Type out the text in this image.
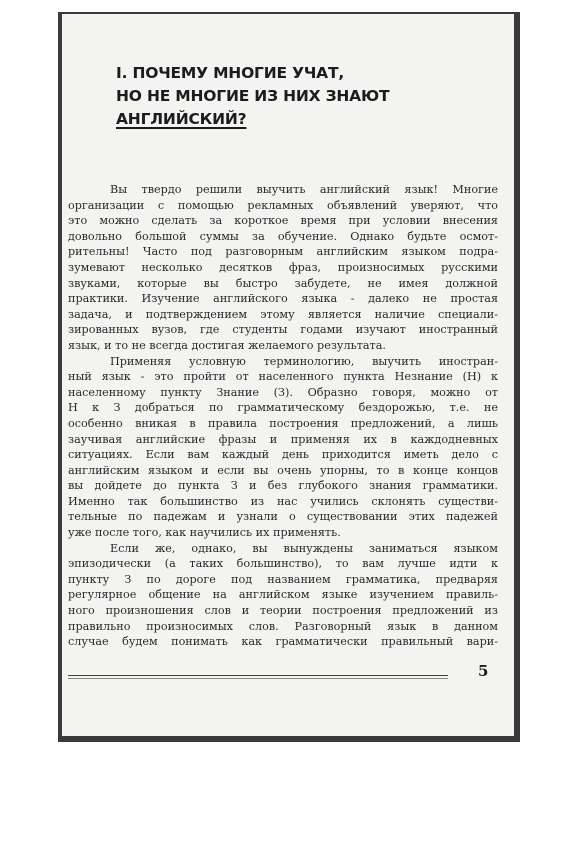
I. ПОЧЕМУ МНОГИЕ УЧАТ,
НО НЕ МНОГИЕ ИЗ НИХ ЗНАЮТ
АНГЛИЙСКИЙ?
Вы твердо решили выучить английский язык! Многие
организации с помощью рекламных объявлений уверяют, что
это можно сделать за короткое время при условии внесения
довольно большой суммы за обучение. Однако будьте осмот-
рительны! Часто под разговорным английским языком подра-
зумевают несколько десятков фраз, произносимых русскими
звуками, которые вы быстро забудете, не имея должной
практики. Изучение английского языка - далеко не простая
задача, и подтверждением этому является наличие специали-
зированных вузов, где студенты годами изучают иностранный
язык, и то не всегда достигая желаемого результата.
Применяя условную терминологию, выучить иностран-
ный язык - это пройти от населенного пункта Незнание (Н) к
населенному пункту Знание (З). Образно говоря, можно от
Н к З добраться по грамматическому бездорожью, т.е. не
особенно вникая в правила построения предложений, а лишь
заучивая английские фразы и применяя их в каждодневных
ситуациях. Если вам каждый день приходится иметь дело с
английским языком и если вы очень упорны, то в конце концов
вы дойдете до пункта З и без глубокого знания грамматики.
Именно так большинство из нас учились склонять существи-
тельные по падежам и узнали о существовании этих падежей
уже после того, как научились их применять.
Если же, однако, вы вынуждены заниматься языком
эпизодически (а таких большинство), то вам лучше идти к
пункту З по дороге под названием грамматика, предваряя
регулярное общение на английском языке изучением правиль-
ного произношения слов и теории построения предложений из
правильно произносимых слов. Разговорный язык в данном
случае будем понимать как грамматически правильный вари-
5
